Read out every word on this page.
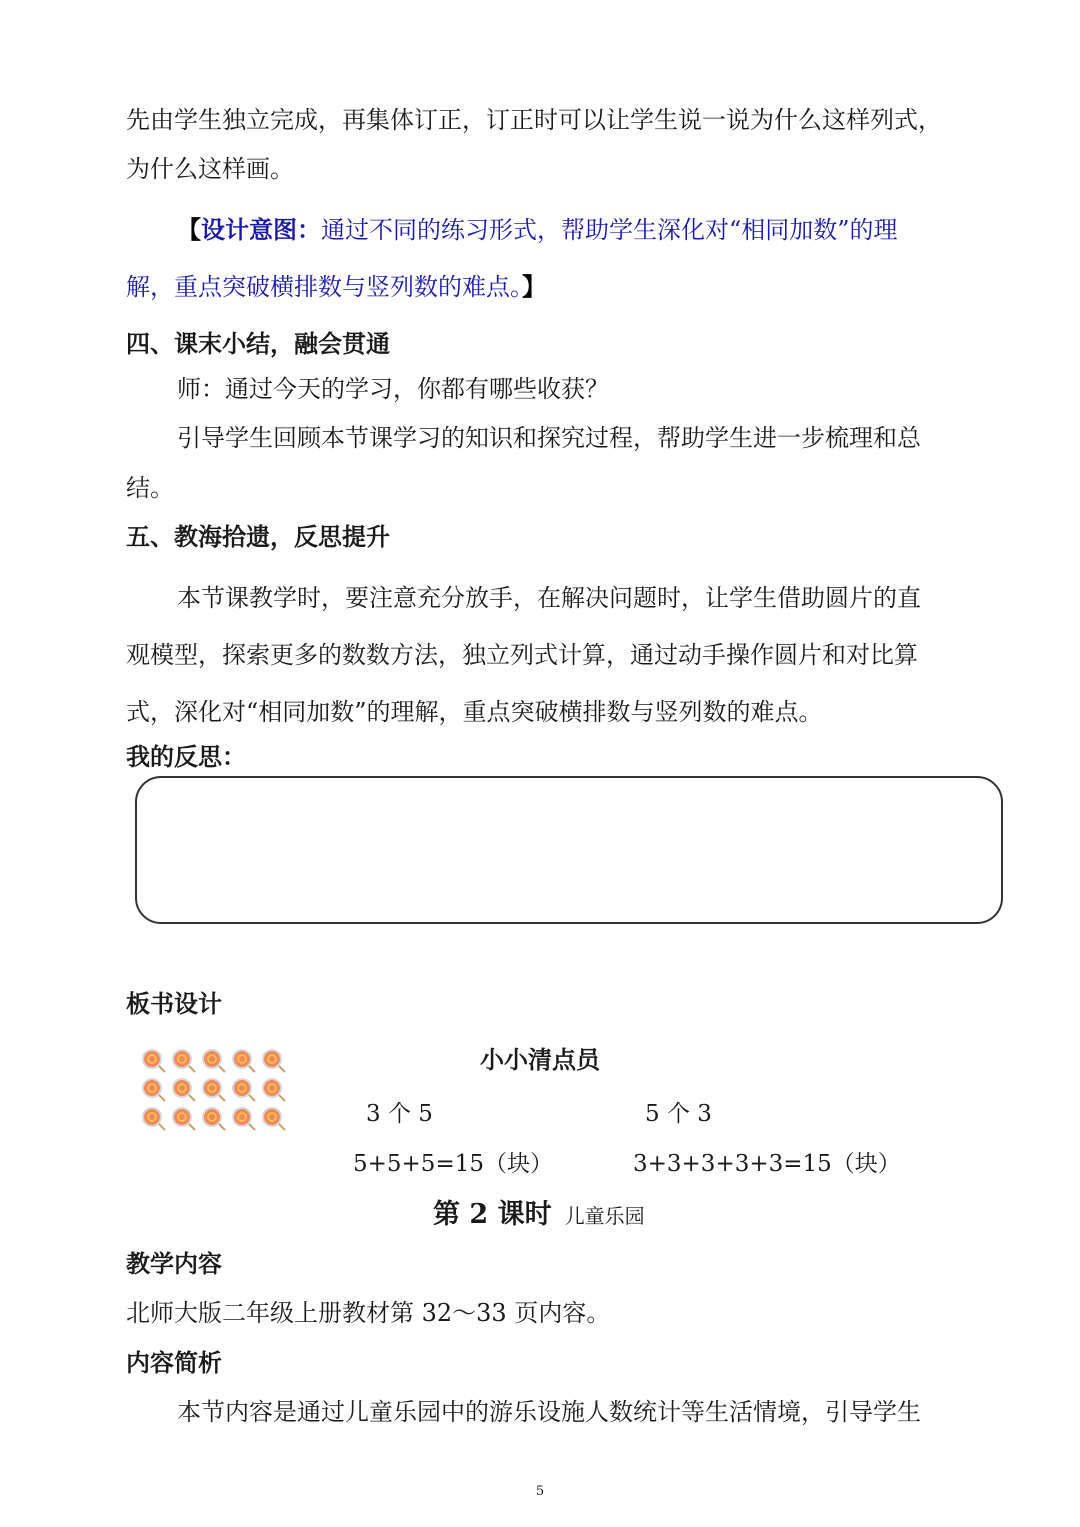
先由学生独立完成，再集体订正，订正时可以让学生说一说为什么这样列式，
为什么这样画。
【设计意图：通过不同的练习形式，帮助学生深化对“相同加数”的理
解，重点突破横排数与竖列数的难点。】
四、课末小结，融会贯通
师：通过今天的学习，你都有哪些收获？
引导学生回顾本节课学习的知识和探究过程，帮助学生进一步梳理和总
结。
五、教海拾遗，反思提升
本节课教学时，要注意充分放手，在解决问题时，让学生借助圆片的直
观模型，探索更多的数数方法，独立列式计算，通过动手操作圆片和对比算
式，深化对“相同加数”的理解，重点突破横排数与竖列数的难点。
我的反思：
板书设计
小小清点员
3 个 5	5 个 3
5+5+5=15（块）	3+3+3+3+3=15（块）
第 2 课时 儿童乐园
教学内容
北师大版二年级上册教材第 32～33 页内容。
内容简析
本节内容是通过儿童乐园中的游乐设施人数统计等生活情境，引导学生
5
